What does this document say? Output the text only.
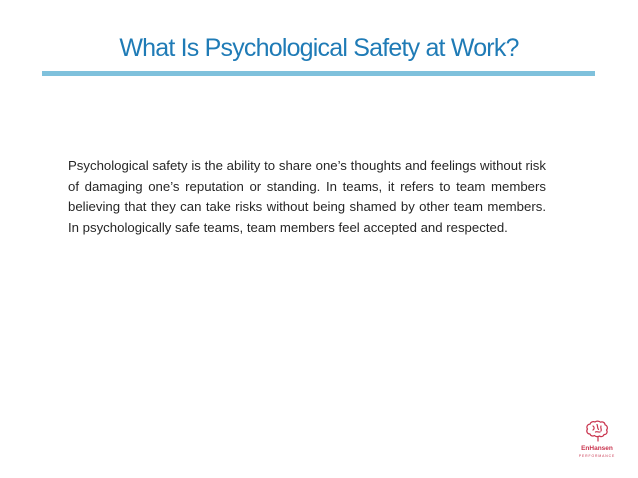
What Is Psychological Safety at Work?

Psychological safety is the ability to share one’s thoughts and feelings without risk of damaging one’s reputation or standing. In teams, it refers to team members believing that they can take risks without being shamed by other team members. In psychologically safe teams, team members feel accepted and respected.

EnHansen
PERFORMANCE
